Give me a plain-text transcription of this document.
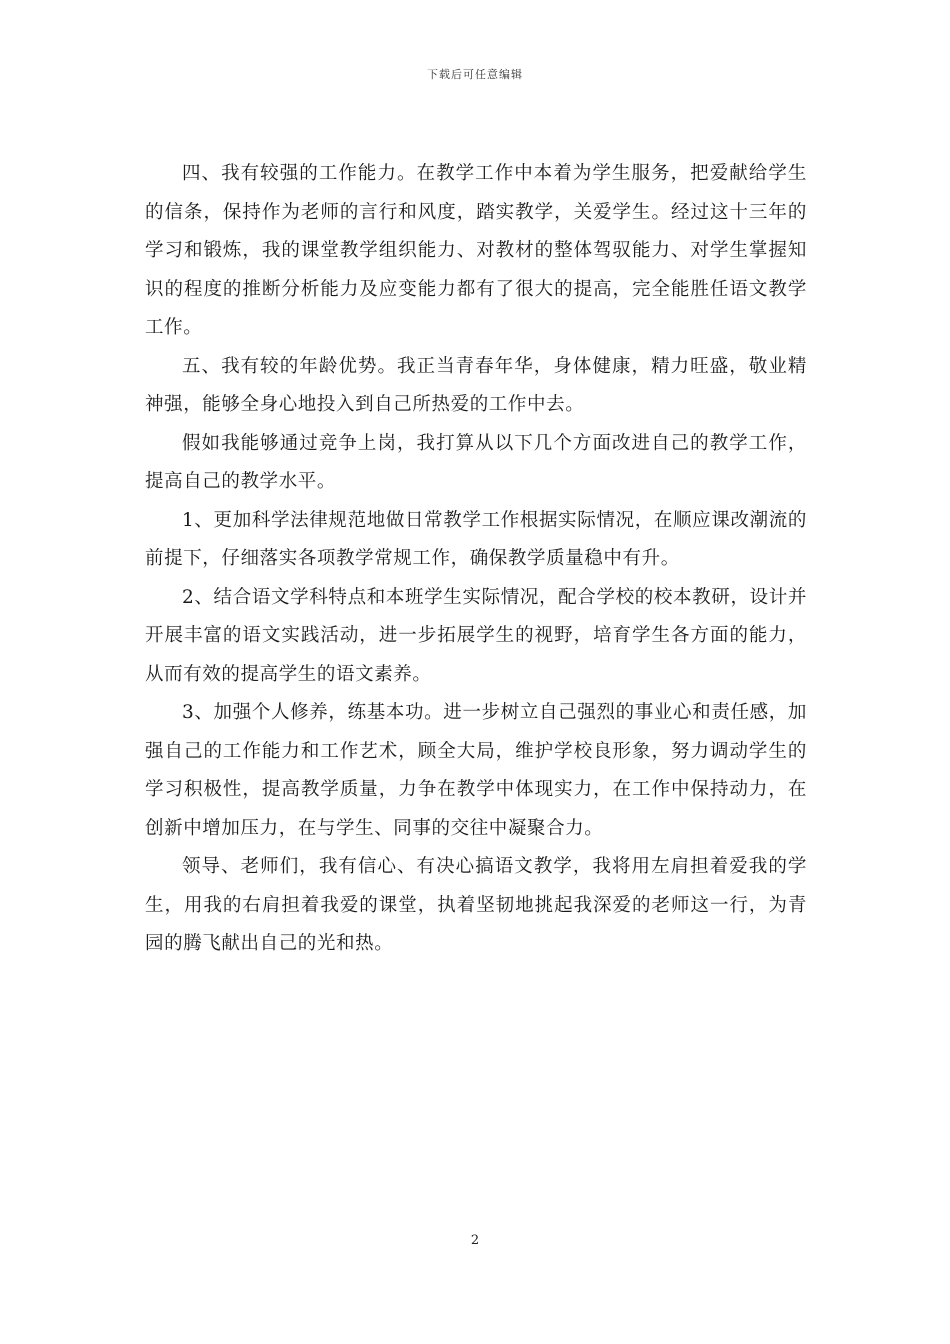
下载后可任意编辑

四、我有较强的工作能力。在教学工作中本着为学生服务，把爱献给学生的信条，保持作为老师的言行和风度，踏实教学，关爱学生。经过这十三年的学习和锻炼，我的课堂教学组织能力、对教材的整体驾驭能力、对学生掌握知识的程度的推断分析能力及应变能力都有了很大的提高，完全能胜任语文教学工作。

五、我有较的年龄优势。我正当青春年华，身体健康，精力旺盛，敬业精神强，能够全身心地投入到自己所热爱的工作中去。

假如我能够通过竞争上岗，我打算从以下几个方面改进自己的教学工作，提高自己的教学水平。

1、更加科学法律规范地做日常教学工作根据实际情况，在顺应课改潮流的前提下，仔细落实各项教学常规工作，确保教学质量稳中有升。

2、结合语文学科特点和本班学生实际情况，配合学校的校本教研，设计并开展丰富的语文实践活动，进一步拓展学生的视野，培育学生各方面的能力，从而有效的提高学生的语文素养。

3、加强个人修养，练基本功。进一步树立自己强烈的事业心和责任感，加强自己的工作能力和工作艺术，顾全大局，维护学校良形象，努力调动学生的学习积极性，提高教学质量，力争在教学中体现实力，在工作中保持动力，在创新中增加压力，在与学生、同事的交往中凝聚合力。

领导、老师们，我有信心、有决心搞语文教学，我将用左肩担着爱我的学生，用我的右肩担着我爱的课堂，执着坚韧地挑起我深爱的老师这一行，为青园的腾飞献出自己的光和热。

2
